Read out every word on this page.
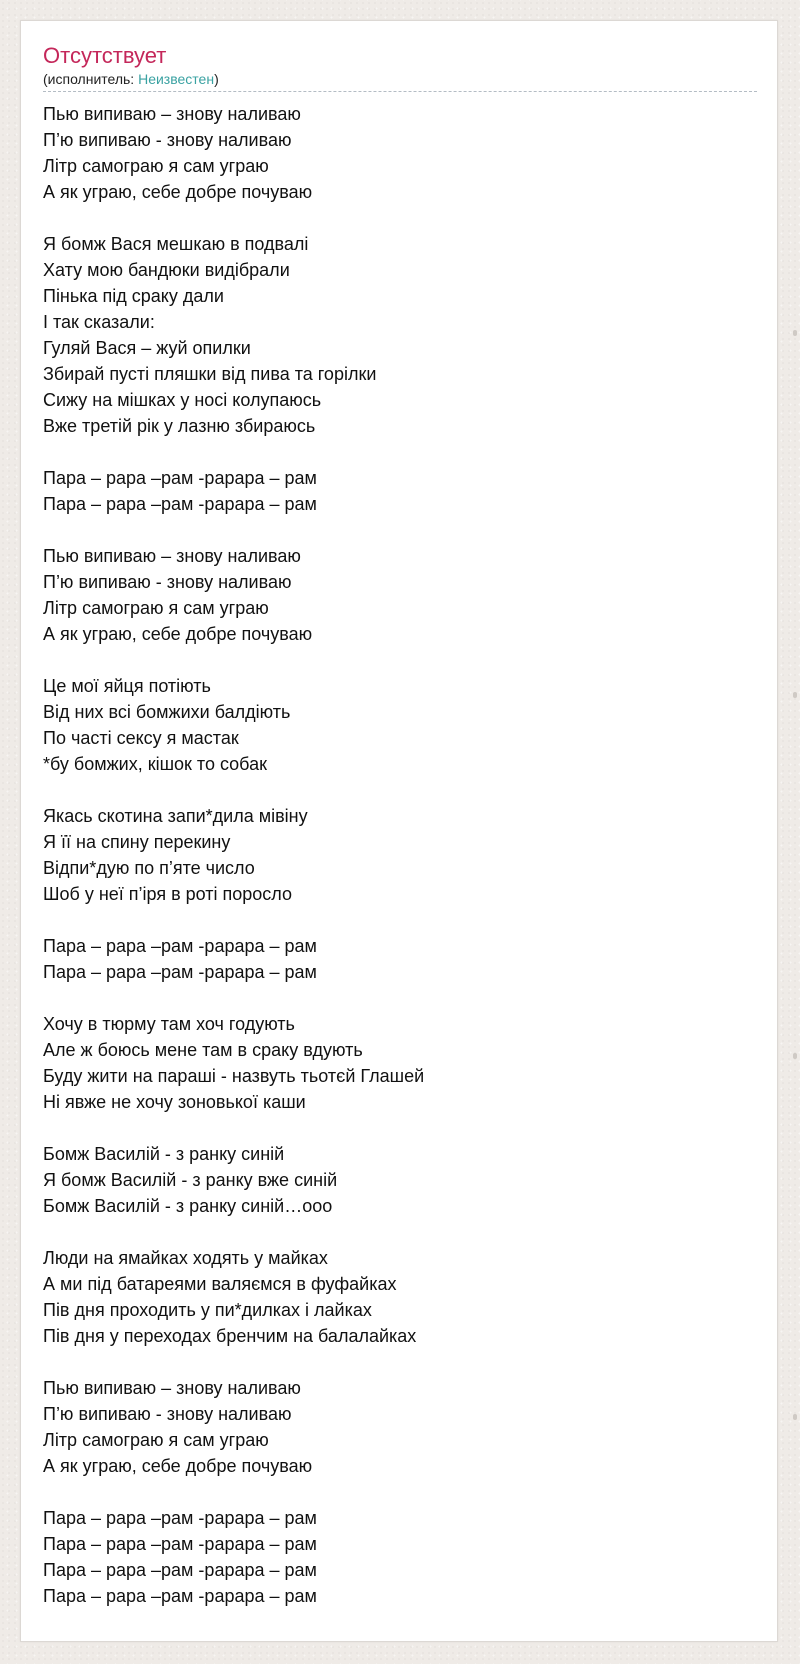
Отсутствует
(исполнитель: Неизвестен)
Пью випиваю – знову наливаю
П’ю випиваю - знову наливаю
Літр самограю я сам уграю
А як уграю, себе добре почуваю
Я бомж Вася мешкаю в подвалі
Хату мою бандюки видібрали
Пінька під сраку дали
І так сказали:
Гуляй Вася – жуй опилки
Збирай пусті пляшки від пива та горілки
Сижу на мішках у носі колупаюсь
Вже третій рік у лазню збираюсь
Пара – рара –рам -рарара – рам
Пара – рара –рам -рарара – рам
Пью випиваю – знову наливаю
П’ю випиваю - знову наливаю
Літр самограю я сам уграю
А як уграю, себе добре почуваю
Це мої яйця потіють
Від них всі бомжихи балдіють
По часті сексу я мастак
*бу бомжих, кішок то собак
Якась скотина запи*дила мівіну
Я її на спину перекину
Відпи*дую по п’яте число
Шоб у неї п’іря в роті поросло
Пара – рара –рам -рарара – рам
Пара – рара –рам -рарара – рам
Хочу в тюрму там хоч годують
Але ж боюсь мене там в сраку вдують
Буду жити на параші - назвуть тьотєй Глашей
Ні явже не хочу зоновької каши
Бомж Василій - з ранку синій
Я бомж Василій - з ранку вже синій
Бомж Василій - з ранку синій…ооо
Люди на ямайках ходять у майках
А ми під батареями валяємся в фуфайках
Пів дня проходить у пи*дилках і лайках
Пів дня у переходах бренчим на балалайках
Пью випиваю – знову наливаю
П’ю випиваю - знову наливаю
Літр самограю я сам уграю
А як уграю, себе добре почуваю
Пара – рара –рам -рарара – рам
Пара – рара –рам -рарара – рам
Пара – рара –рам -рарара – рам
Пара – рара –рам -рарара – рам
